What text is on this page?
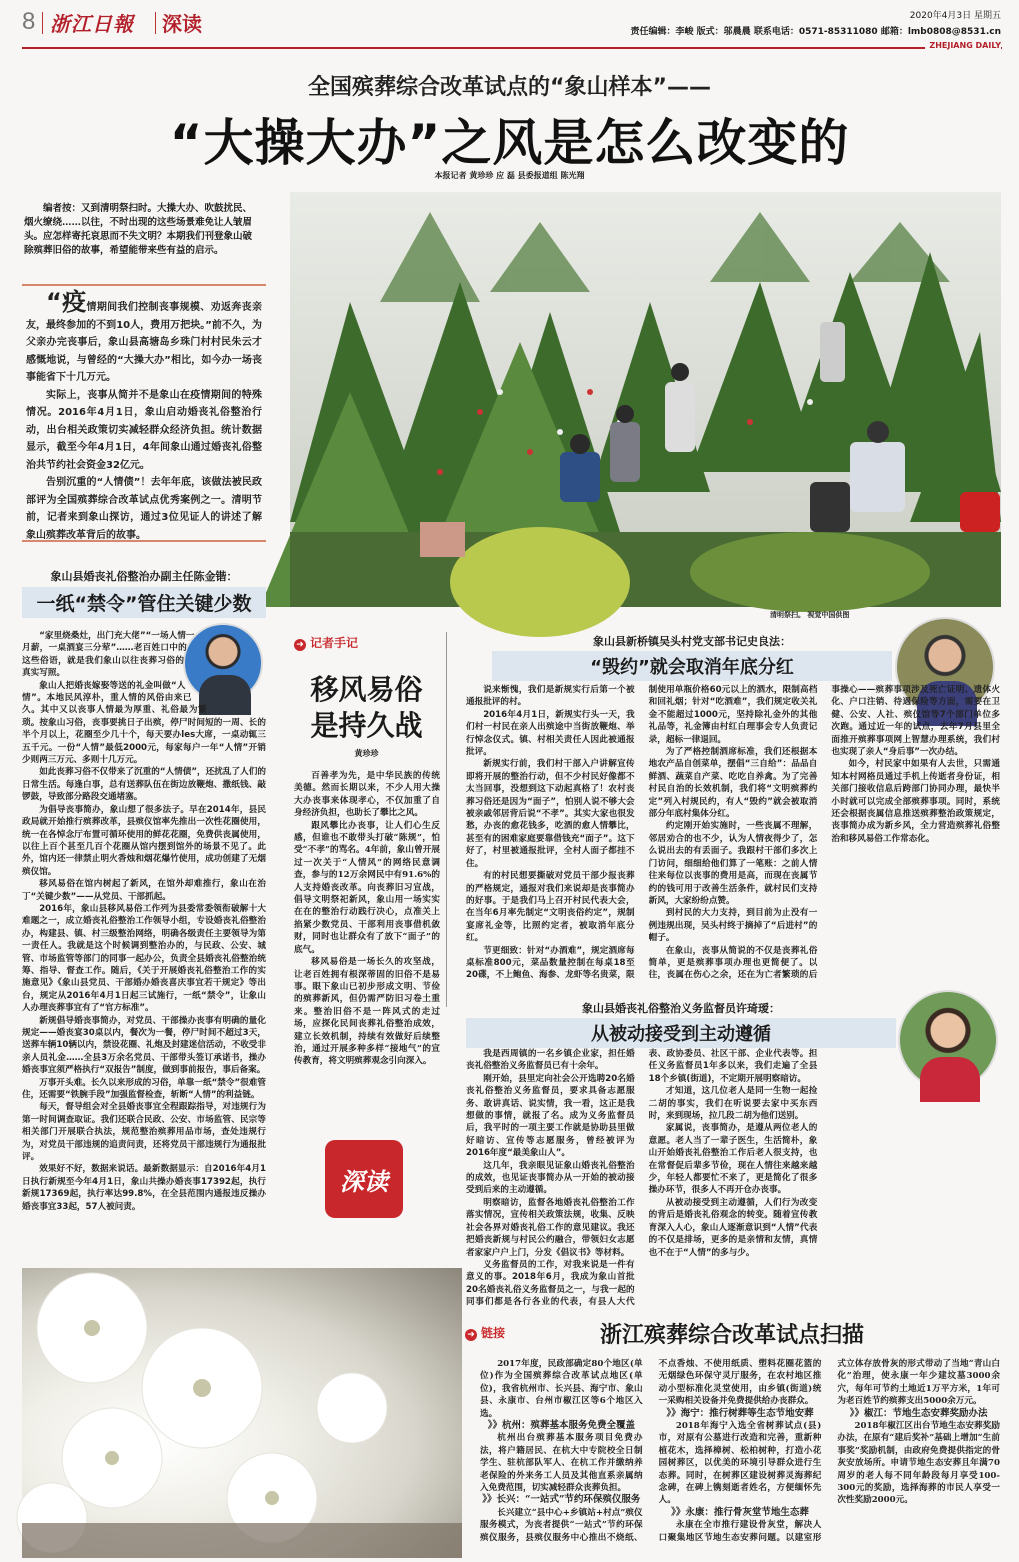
8 浙江日報 深读	2020年4月3日 星期五
责任编辑：李峻 版式：邬晨晨 联系电话：0571-85311080 邮箱：lmb0808@8531.cn
ZHEJIANG DAILY
全国殡葬综合改革试点的“象山样本”——
“大操大办”之风是怎么改变的
本报记者 黄珍珍 应 磊 县委报道组 陈光翔
编者按：又到清明祭扫时。大操大办、吹鼓扰民、烟火缭绕……以往，不时出现的这些场景难免让人皱眉头。应怎样寄托哀思而不失文明？本期我们刊登象山破除殡葬旧俗的故事，希望能带来些有益的启示。

“疫情期间我们控制丧事规模、劝返奔丧亲友，最终参加的不到10人，费用万把块。”前不久，为父亲办完丧事后，象山县高塘岛乡珠门村村民朱云才感慨地说，与曾经的“大操大办”相比，如今办一场丧事能省下十几万元。

实际上，丧事从简并不是象山在疫情期间的特殊情况。2016年4月1日，象山启动婚丧礼俗整治行动，出台相关政策切实减轻群众经济负担。统计数据显示，截至今年4月1日，4年间象山通过婚丧礼俗整治共节约社会资金32亿元。

告别沉重的“人情债”！去年年底，该做法被民政部评为全国殡葬综合改革试点优秀案例之一。清明节前，记者来到象山探访，通过3位见证人的讲述了解象山殡葬改革背后的故事。

清明祭扫。 视觉中国供图
象山县婚丧礼俗整治办副主任陈金锴：
一纸“禁令”管住关键少数

“家里烧桑灶，出门充大佬”“一场人情一月薪，一桌酒宴三分荤”……老百姓口中的这些俗语，就是我们象山以往丧葬习俗的真实写照。

象山人把婚丧嫁娶等送的礼金叫做“人情”。本地民风淳朴，重人情的风俗由来已久。其中又以丧事人情最为厚重、礼俗最为繁琐。按象山习俗，丧事要挑日子出殡，停尸时间短的一周、长的半个月以上，花圈至少几十个，每天要办les大席，一桌动辄三五千元。一份“人情”最低2000元，每家每户一年“人情”开销少则两三万元、多则十几万元。

如此丧葬习俗不仅带来了沉重的“人情债”，还扰乱了人们的日常生活。每逢白事，总有送葬队伍在街边放鞭炮、撒纸钱、敲锣鼓，导致部分路段交通堵塞。

为倡导丧事简办，象山想了很多法子。早在2014年，县民政局就开始推行殡葬改革，县殡仪馆率先推出一次性花圈使用，统一在各悼念厅布置可循环使用的鲜花花圈，免费供丧属使用，以往上百个甚至几百个花圈从馆内摆到馆外的场景不见了。此外，馆内还一律禁止明火香烛和烟花爆竹使用，成功创建了无烟殡仪馆。

移风易俗在馆内树起了新风，在馆外却难推行，象山在治丁“关键少数”——从党员、干部抓起。

2016年，象山县移风易俗工作列为县委常委领衔破解十大难题之一，成立婚丧礼俗整治工作领导小组，专设婚丧礼俗整治办，构建县、镇、村三级整治网络，明确各级责任主要领导为第一责任人。我就是这个时候调到整治办的，与民政、公安、城管、市场监管等部门的同事一起办公，负责全县婚丧礼俗整治统筹、指导、督查工作。随后，《关于开展婚丧礼俗整治工作的实施意见》《象山县党员、干部婚办婚丧喜庆事宜若干规定》等出台，规定从2016年4月1日起三试施行，一纸“禁令”，让象山人办理丧葬事宜有了“官方标准”。

新规倡导婚丧事简办，对党员、干部操办丧事有明确的量化规定——婚丧宴30桌以内，餐次为一餐，停尸时间不超过3天，送葬车辆10辆以内，禁设花圈、礼炮及封建迷信活动，不收受非亲人员礼金……全县3万余名党员、干部带头签订承诺书，操办婚丧事宜须严格执行“双报告”制度，做到事前报告，事后备案。

万事开头难。长久以来形成的习俗，单靠一纸“禁令”很难管住，还需要“铁腕手段”加强监督检查，斩断“人情”的利益链。

每天，督导组会对全县婚丧事宜全程跟踪指导，对违规行为第一时间调查取证。我们还联合民政、公安、市场监管、民宗等相关部门开展联合执法，规范整治殡葬用品市场，查处违规行为，对党员干部违规的追责问责，还将党员干部违规行为通报批评。

效果好不好，数据来说话。最新数据显示：自2016年4月1日执行新规至今年4月1日，象山共操办婚丧事17392起，执行新规17369起，执行率达99.8%，在全县范围内通报违反操办婚丧事宜33起，57人被问责。

➜ 记者手记
移风易俗
是持久战
黄珍珍

百善孝为先，是中华民族的传统美德。然而长期以来，不少人用大操大办丧事来体现孝心，不仅加重了自身经济负担，也助长了攀比之风。

跟风攀比办丧事，让人们心生反感，但谁也不敢带头打破“陈规”，怕受“不孝”的骂名。4年前，象山曾开展过一次关于“人情风”的网络民意调查，参与的12万余网民中有91.6%的人支持婚丧改革。向丧葬旧习宣战，倡导文明祭祀新风，象山用一场实实在在的整治行动践行决心，点准关上掐紧少数党员、干部利用丧事借机敛财，同时也让群众有了放下“面子”的底气。

移风易俗是一场长久的攻坚战，让老百姓拥有根深蒂固的旧俗不是易事。眼下象山已初步形成文明、节俭的殡葬新风，但仍需严防旧习卷土重来。整治旧俗不是一阵风式的走过场，应探化民间丧葬礼俗整治成效，建立长效机制，持续有效做好后续整治，通过开展多种多样“接地气”的宣传教育，将文明殡葬观念引向深入。

深读
象山县新桥镇吴头村党支部书记史良法：
“毁约”就会取消年底分红

说来惭愧，我们是新规实行后第一个被通报批评的村。

2016年4月1日，新规实行头一天，我们村一村民在亲人出殡途中当街放鞭炮、举行悼念仪式。镇、村相关责任人因此被通报批评。

新规实行前，我们村干部入户讲解宣传即将开展的整治行动，但不少村民好像都不太当回事，没想到这下动起真格了！农村丧葬习俗还是因为“面子”，怕别人说不够大会被亲戚邻居背后说“不孝”。其实大家也很发愁，办丧的愈花钱多，吃酒的愈人情攀比，甚至有的困难家庭要靠借钱充“面子”。这下好了，村里被通报批评，全村人面子都挂不住。

有的村民想要撕破对党员干部少报丧葬的严格规定，通报对我们来说却是丧事简办的好事。于是我们马上召开村民代表大会，在当年6月率先制定“文明丧俗约定”，规制宴席礼金等，比照约定者，被取消年底分红。

节更细致：针对“办酒难”，规定酒席每桌标准800元，菜品数量控制在每桌18至20碟，不上鲍鱼、海参、龙虾等名贵菜，限制使用单瓶价格60元以上的酒水，限制高档和回礼烟；针对“吃酒难”，我们规定收关礼金不能超过1000元，坚持除礼金外的其他礼品等，礼金簿由村红白理事会专人负责记录，超标一律退回。

为了严格控制酒席标准，我们还根据本地农产品自创菜单，摆倡“三自给”：品品自鲜酒、蔬菜自产菜、吃吃自养禽。为了完善村民自治的长效机制，我们将“文明殡葬约定”列入村规民约，有人“毁约”就会被取消部分年底村集体分红。

约定刚开始实施时，一些丧属不理解，邻居劝合的也不少，认为人情夜得少了，怎么说出去的有丢面子。我跟村干部们多次上门访问，细细给他们算了一笔账：之前人情往来每位以丧事的费用是高，而现在丧属节约的钱可用于改善生活条件，就村民们支持新风，大家纷纷点赞。

到村民的大力支持，到目前为止没有一例违规出现，吴头村终于摘掉了“后进村”的帽子。

在象山，丧事从简说的不仅是丧葬礼俗简单，更是殡葬事项办理也更简便了。以往，丧属在伤心之余，还在为亡者繁琐的后事操心——殡葬事项涉及死亡证明、遗体火化、户口注销、待遇保险等方面，需要在卫健、公安、人社、殡仪馆等7个部门单位多次跑。通过近一年的试点，去年7月县里全面推开殡葬事项网上智慧办理系统，我们村也实现了亲人“身后事”一次办结。

如今，村民家中如果有人去世，只需通知本村网格员通过手机上传逝者身份证，相关部门接收信息后跨部门协同办理，最快半小时就可以完成全部殡葬事项。同时，系统还会根据丧属信息推送殡葬整治政策规定，丧事简办成为新乡风，全力营造殡葬礼俗整治和移风易俗工作常态化。

象山县婚丧礼俗整治义务监督员许琦瑷：
从被动接受到主动遵循

我是西周镇的一名乡镇企业家，担任婚丧礼俗整治义务监督员已有十余年。

刚开始，县里定向社会公开选聘20名婚丧礼俗整治义务监督员，要求具备志愿服务、敢讲真话、说实情，我一看，这正是我想做的事情，就报了名。成为义务监督员后，我平时的一项主要工作就是协助县里做好暗访、宣传等志愿服务，曾经被评为2016年度“最美象山人”。

这几年，我亲眼见证象山婚丧礼俗整治的成效，也见证丧事简办从一开始的被动接受到后来的主动遵循。

明察暗访，监督各地婚丧礼俗整治工作落实情况，宣传相关政策法规，收集、反映社会各界对婚丧礼俗工作的意见建议。我还把婚丧新规与村民公约融合，带领妇女志愿者家家户户上门，分发《倡议书》等材料。

义务监督员的工作，对我来说是一件有意义的事。2018年6月，我成为象山首批20名婚丧礼俗义务监督员之一，与我一起的同事们都是各行各业的代表，有县人大代表、政协委员、社区干部、企业代表等。担任义务监督员1年多以来，我们走遍了全县18个乡镇(街道)，不定期开展明察暗访。

才知道，这几位老人是同一生物一起捡二胡的事实，我们在听说要去家中买东西时，来到现场，拉几段二胡为他们送别。

家属说，丧事简办，是遵从两位老人的意愿。老人当了一辈子医生，生活简朴，象山开始婚丧礼俗整治工作后老人很支持，也在常督促后辈多节俭，现在人情往来越来越少，年轻人都要忙不来了，更是简化了很多操办环节，很多人不再开仓办丧事。

从被动接受到主动遵循，人们行为改变的背后是婚丧礼俗观念的转变。随着宣传教育深入人心，象山人逐渐意识到“人情”代表的不仅是排场，更多的是亲情和友情，真情也不在于“人情”的多与少。

➜ 链接	浙江殡葬综合改革试点扫描

2017年度，民政部确定80个地区(单位)作为全国殡葬综合改革试点地区(单位)，我省杭州市、长兴县、海宁市、象山县、永康市、台州市椒江区等6个地区入选。

》》杭州：殡葬基本服务免费全覆盖

杭州出台殡葬基本服务项目免费办法，将户籍居民、在杭大中专院校全日制学生、驻杭部队军人、在杭工作并缴纳养老保险的外来务工人员及其他直系亲属纳入免费范围，切实减轻群众丧葬负担。

》》长兴：“一站式”节约环保殡仪服务

长兴建立“县中心+乡镇站+村点”殡仪服务模式，为丧者提供“一站式”节约环保殡仪服务，县殡仪服务中心推出不烧纸、不点香烛、不使用纸质、塑料花圈花篮的无烟绿色环保守灵厅服务，在农村地区推动小型标准化灵堂使用，由乡镇(街道)统一采购相关设备并免费提供给办丧群众。

》》海宁：推行树葬等生态节地安葬

2018年海宁入选全省树葬试点(县)市，对原有公墓进行改造和完善，重新种植花木，选择樟树、松柏树种，打造小花园树葬区，以优美的环境引导群众进行生态葬。同时，在树葬区建设树葬灵海葬纪念碑，在碑上镌刻逝者姓名，方便缅怀先人。

》》永康：推行骨灰堂节地生态葬

永康在全市推行建设骨灰堂，解决人口聚集地区节地生态安葬问题。以建室形式立体存放骨灰的形式带动了当地“青山白化”治理，使永康一年少建坟墓3000余穴，每年可节约土地近1万平方米，1年可为老百姓节约殡葬支出5000余万元。

》》椒江：节地生态安葬奖励办法

2018年椒江区出台节地生态安葬奖励办法，在原有“建后奖补”基础上增加“生前事奖”奖励机制，由政府免费提供指定的骨灰安放场所。申请节地生态安葬且年满70周岁的老人每不同年龄段每月享受100-300元的奖励，选择海葬的市民人享受一次性奖励2000元。
